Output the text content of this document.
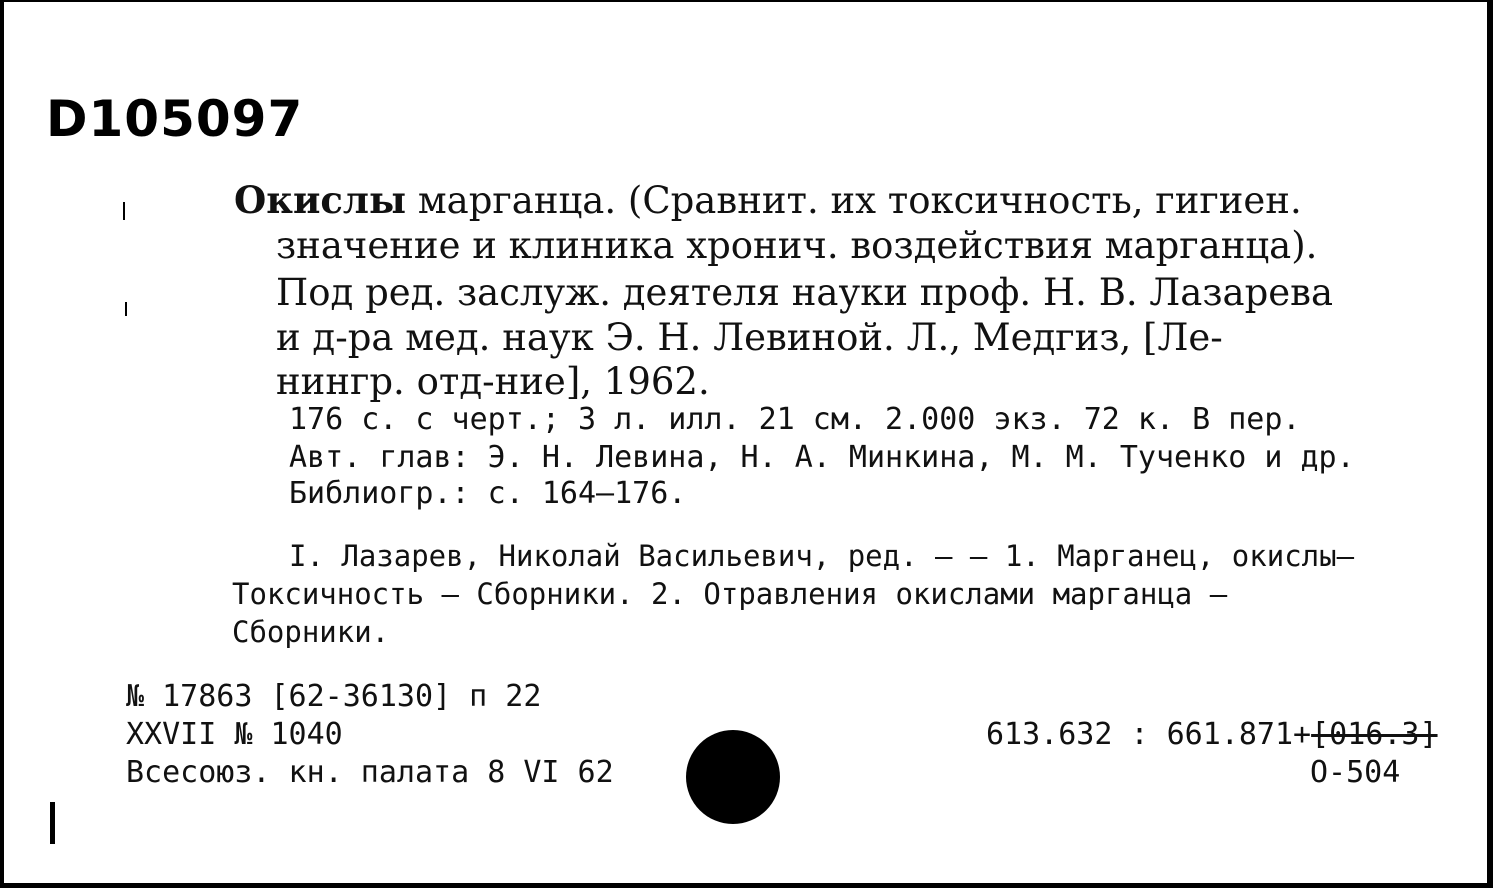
D105097
Окислы марганца. (Сравнит. их токсичность, гигиен.
значение и клиника хронич. воздействия марганца).
Под ред. заслуж. деятеля науки проф. Н. В. Лазарева
и д-ра мед. наук Э. Н. Левиной. Л., Медгиз, [Ле-
нингр. отд-ние], 1962.
176 с. с черт.; 3 л. илл. 21 см. 2.000 экз. 72 к. В пер.
Авт. глав: Э. Н. Левина, Н. А. Минкина, М. М. Тученко и др.
Библиогр.: с. 164—176.
I. Лазарев, Николай Васильевич, ред. — — 1. Марганец, окислы—
Токсичность — Сборники. 2. Отравления окислами марганца —
Сборники.
№ 17863 [62-36130] п 22
XXVII № 1040
Всесоюз. кн. палата 8 VI 62
613.632 : 661.871+[016.3]
О-504
